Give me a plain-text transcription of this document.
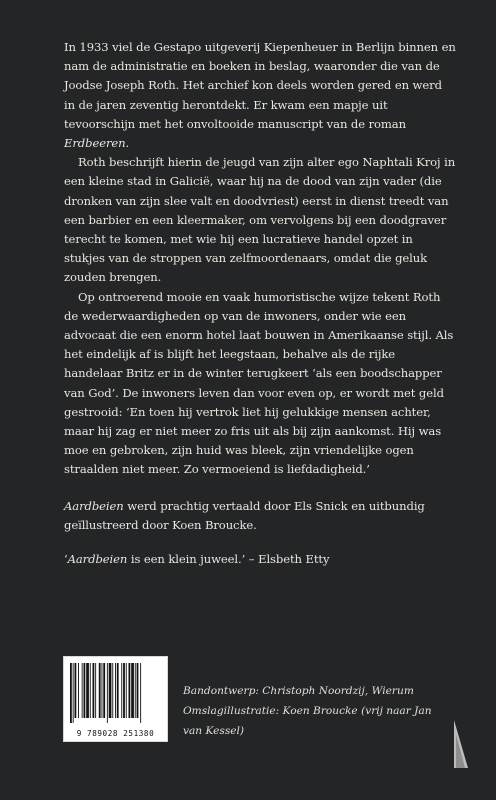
In 1933 viel de Gestapo uitgeverij Kiepenheuer in Berlijn binnen en nam de administratie en boeken in beslag, waaronder die van de Joodse Joseph Roth. Het archief kon deels worden gered en werd in de jaren zeventig herontdekt. Er kwam een mapje uit tevoorschijn met het onvoltooide manuscript van de roman Erdbeeren.

Roth beschrijft hierin de jeugd van zijn alter ego Naphtali Kroj in een kleine stad in Galicië, waar hij na de dood van zijn vader (die dronken van zijn slee valt en doodvriest) eerst in dienst treedt van een barbier en een kleermaker, om vervolgens bij een doodgraver terecht te komen, met wie hij een lucratieve handel opzet in stukjes van de stroppen van zelfmoordenaars, omdat die geluk zouden brengen.

Op ontroerend mooie en vaak humoristische wijze tekent Roth de wederwaardigheden op van de inwoners, onder wie een advocaat die een enorm hotel laat bouwen in Amerikaanse stijl. Als het eindelijk af is blijft het leegstaan, behalve als de rijke handelaar Britz er in de winter terugkeert ‘als een boodschapper van God’. De inwoners leven dan voor even op, er wordt met geld gestrooid: ‘En toen hij vertrok liet hij gelukkige mensen achter, maar hij zag er niet meer zo fris uit als bij zijn aankomst. Hij was moe en gebroken, zijn huid was bleek, zijn vriendelijke ogen straalden niet meer. Zo vermoeiend is liefdadigheid.’

Aardbeien werd prachtig vertaald door Els Snick en uitbundig geïllustreerd door Koen Broucke.

‘Aardbeien is een klein juweel.’ – Elsbeth Etty

9 789028 251380
Bandontwerp: Christoph Noordzij, Wierum
Omslagillustratie: Koen Broucke (vrij naar Jan van Kessel)
